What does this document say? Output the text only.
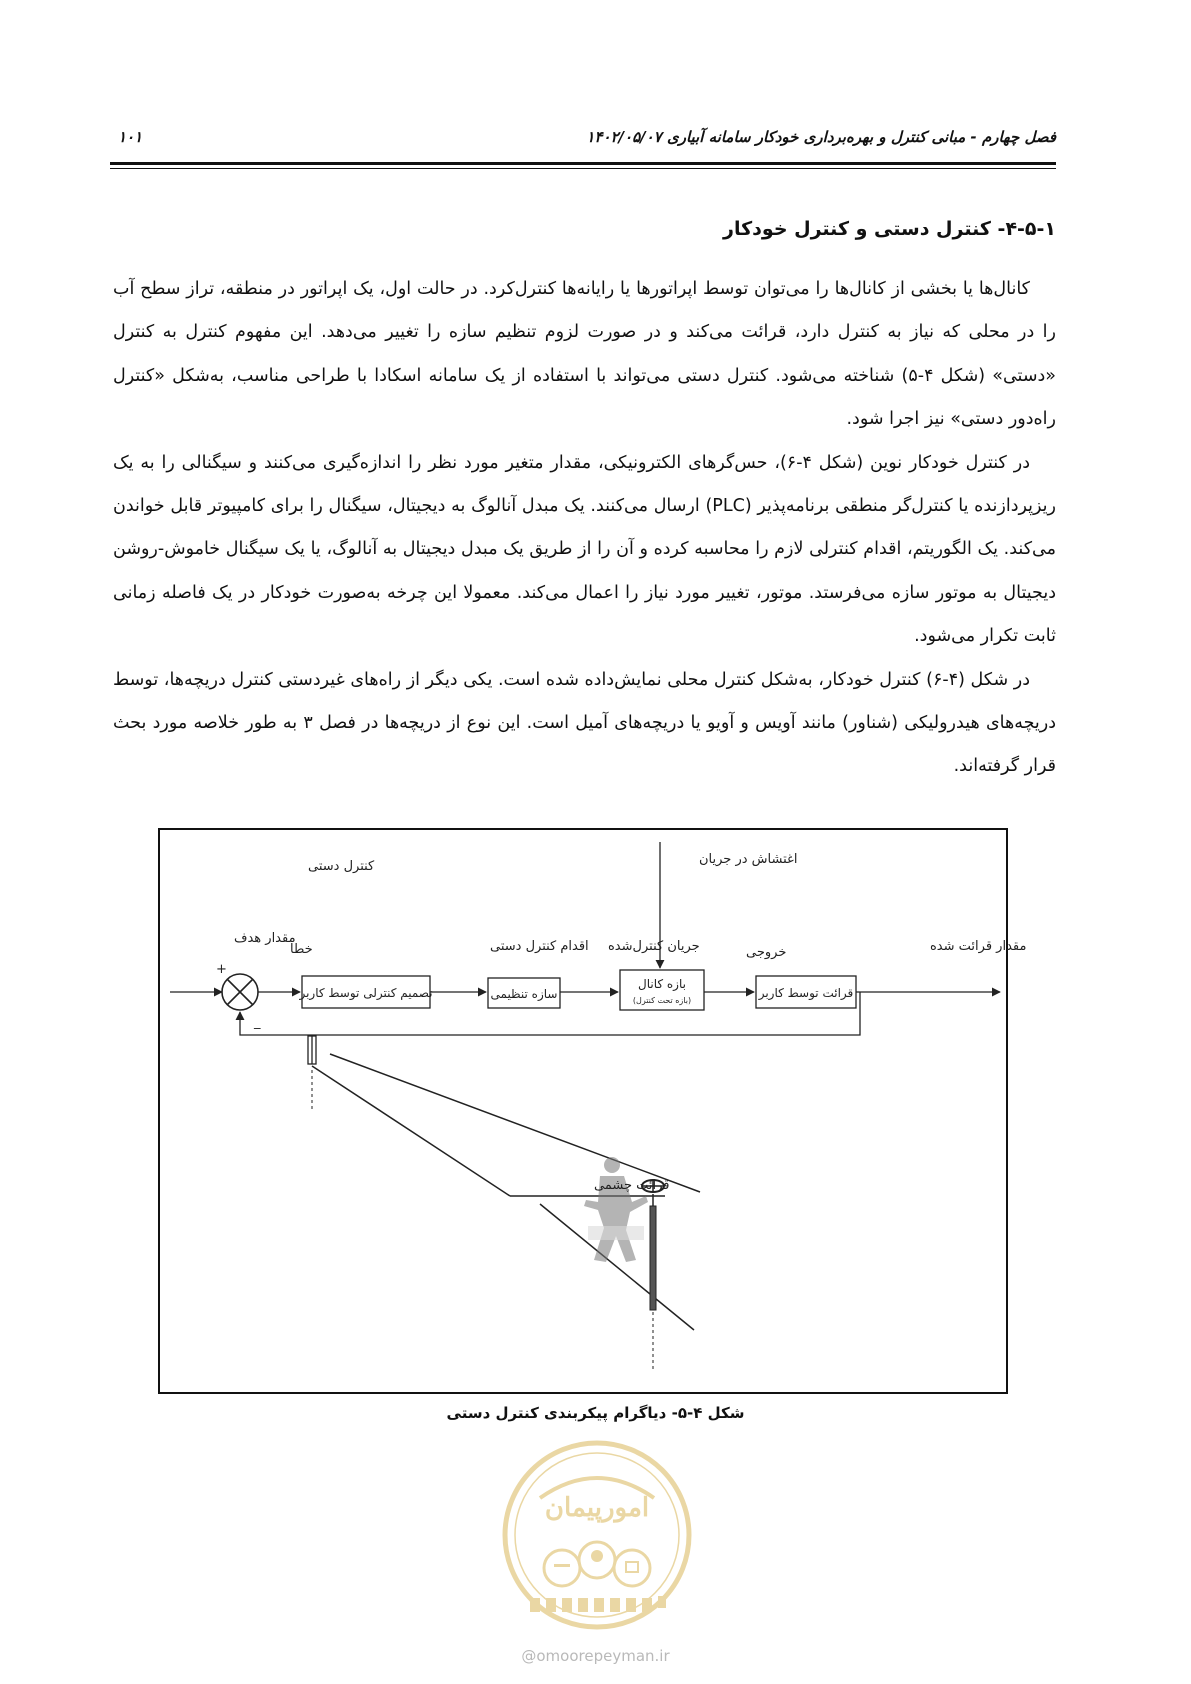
فصل چهارم - مبانی کنترل و بهره‌برداری خودکار سامانه آبیاری ۱۴۰۲/۰۵/۰۷
۱۰۱
۴-۵-۱- کنترل دستی و کنترل خودکار

کانال‌ها یا بخشی از کانال‌ها را می‌توان توسط اپراتورها یا رایانه‌ها کنترل‌کرد. در حالت اول، یک اپراتور در منطقه، تراز سطح آب را در محلی که نیاز به کنترل دارد، قرائت می‌کند و در صورت لزوم تنظیم سازه را تغییر می‌دهد. این مفهوم کنترل به کنترل «دستی» (شکل ۴-۵) شناخته می‌شود. کنترل دستی می‌تواند با استفاده از یک سامانه اسکادا با طراحی مناسب، به‌شکل «کنترل راه‌دور دستی» نیز اجرا شود.

در کنترل خودکار نوین (شکل ۴-۶)، حس‌گرهای الکترونیکی، مقدار متغیر مورد نظر را اندازه‌گیری می‌کنند و سیگنالی را به یک ریزپردازنده یا کنترل‌گر منطقی برنامه‌پذیر (PLC) ارسال می‌کنند. یک مبدل آنالوگ به دیجیتال، سیگنال را برای کامپیوتر قابل خواندن می‌کند. یک الگوریتم، اقدام کنترلی لازم را محاسبه کرده و آن را از طریق یک مبدل دیجیتال به آنالوگ، یا یک سیگنال خاموش-روشن دیجیتال به موتور سازه می‌فرستد. موتور، تغییر مورد نیاز را اعمال می‌کند. معمولا این چرخه به‌صورت خودکار در یک فاصله زمانی ثابت تکرار می‌شود.

در شکل (۴-۶) کنترل خودکار، به‌شکل کنترل محلی نمایش‌داده شده است. یکی دیگر از راه‌های غیردستی کنترل دریچه‌ها، توسط دریچه‌های هیدرولیکی (شناور) مانند آویس و آویو یا دریچه‌های آمیل است. این نوع از دریچه‌ها در فصل ۳ به طور خلاصه مورد بحث قرار گرفته‌اند.

کنترل دستی	اغتشاش در جریان
مقدار هدف
خطا	اقدام کنترل دستی جریان کنترل‌شده	خروجی	مقدار قرائت شده
+
_
تصمیم کنترلی توسط کاربر	سازه تنظیمی
بازه کانال
(بازه تحت کنترل)
قرائت توسط کاربر
قرائت چشمی
شکل ۴-۵- دیاگرام پیکربندی کنترل دستی
امورپیمان
@omoorepeyman.ir
